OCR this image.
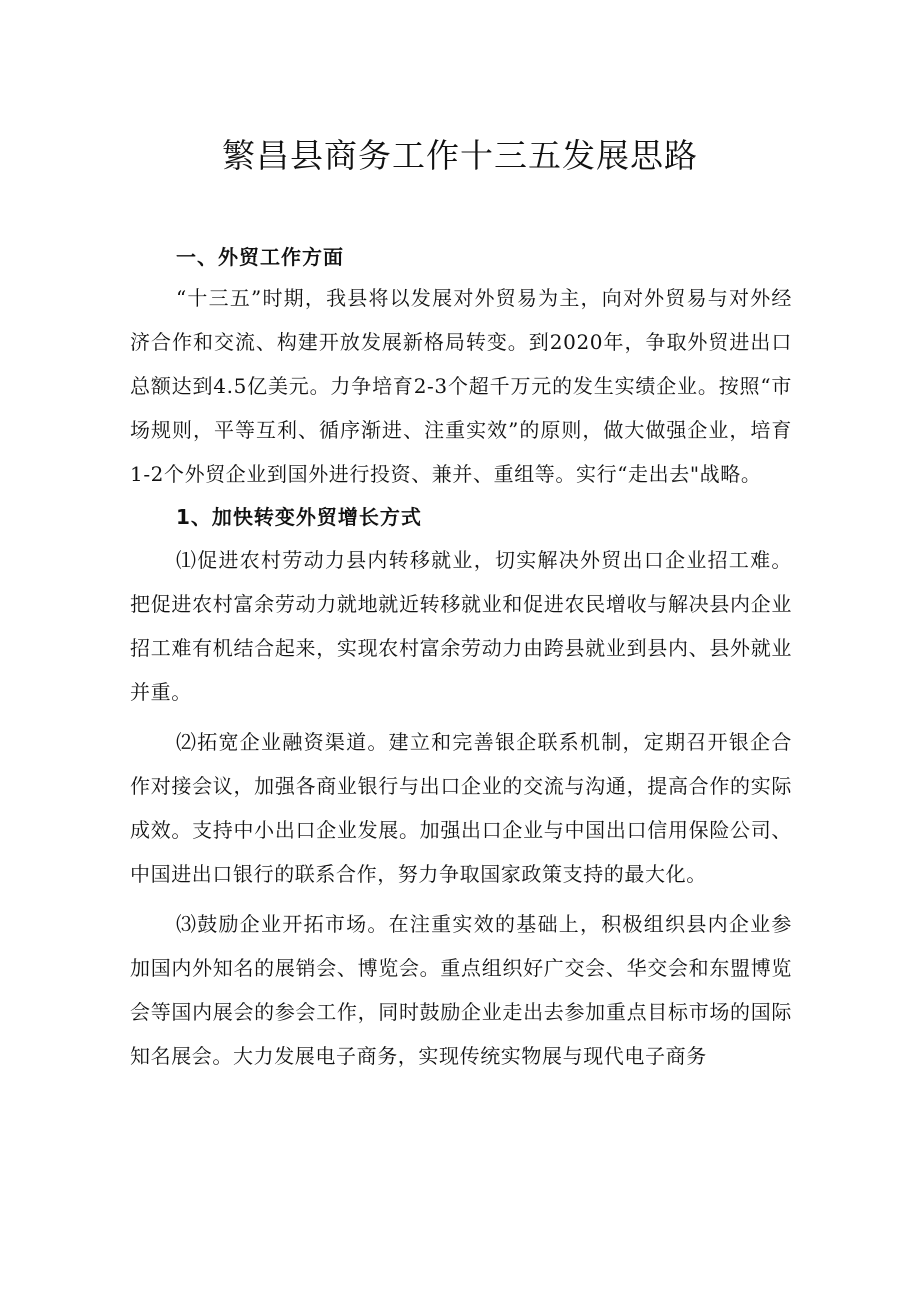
繁昌县商务工作十三五发展思路
一、外贸工作方面

“十三五”时期，我县将以发展对外贸易为主，向对外贸易与对外经济合作和交流、构建开放发展新格局转变。到2020年，争取外贸进出口总额达到4.5亿美元。力争培育2-3个超千万元的发生实绩企业。按照“市场规则，平等互利、循序渐进、注重实效”的原则，做大做强企业，培育1-2个外贸企业到国外进行投资、兼并、重组等。实行“走出去"战略。

1、加快转变外贸增长方式

⑴促进农村劳动力县内转移就业，切实解决外贸出口企业招工难。把促进农村富余劳动力就地就近转移就业和促进农民增收与解决县内企业招工难有机结合起来，实现农村富余劳动力由跨县就业到县内、县外就业并重。

⑵拓宽企业融资渠道。建立和完善银企联系机制，定期召开银企合作对接会议，加强各商业银行与出口企业的交流与沟通，提高合作的实际成效。支持中小出口企业发展。加强出口企业与中国出口信用保险公司、中国进出口银行的联系合作，努力争取国家政策支持的最大化。

⑶鼓励企业开拓市场。在注重实效的基础上，积极组织县内企业参加国内外知名的展销会、博览会。重点组织好广交会、华交会和东盟博览会等国内展会的参会工作，同时鼓励企业走出去参加重点目标市场的国际知名展会。大力发展电子商务，实现传统实物展与现代电子商务
